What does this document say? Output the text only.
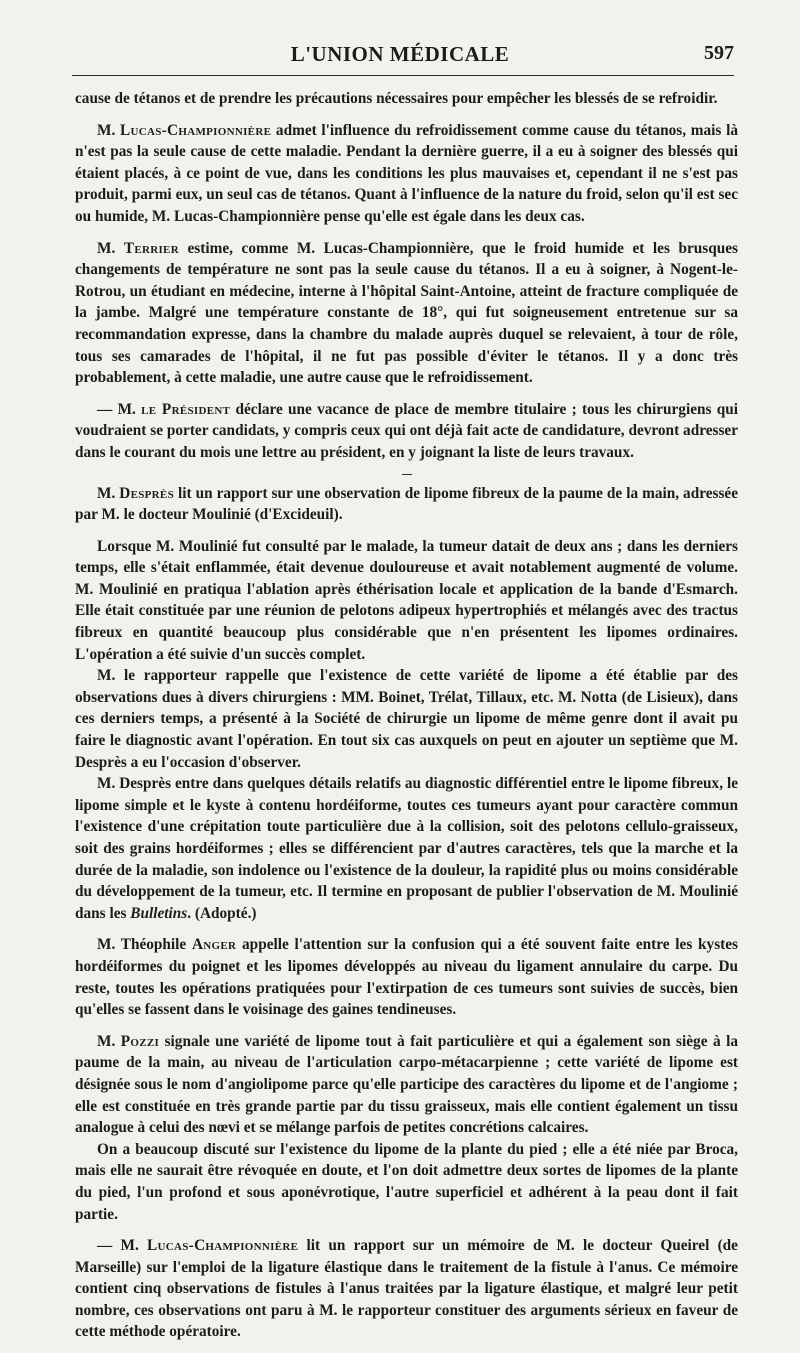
L'UNION MÉDICALE	597

cause de tétanos et de prendre les précautions nécessaires pour empêcher les blessés de se refroidir.

M. Lucas-Championnière admet l'influence du refroidissement comme cause du tétanos, mais là n'est pas la seule cause de cette maladie. Pendant la dernière guerre, il a eu à soigner des blessés qui étaient placés, à ce point de vue, dans les conditions les plus mauvaises et, cependant il ne s'est pas produit, parmi eux, un seul cas de tétanos. Quant à l'influence de la nature du froid, selon qu'il est sec ou humide, M. Lucas-Championnière pense qu'elle est égale dans les deux cas.

M. Terrier estime, comme M. Lucas-Championnière, que le froid humide et les brusques changements de température ne sont pas la seule cause du tétanos. Il a eu à soigner, à Nogent-le-Rotrou, un étudiant en médecine, interne à l'hôpital Saint-Antoine, atteint de fracture compliquée de la jambe. Malgré une température constante de 18°, qui fut soigneusement entretenue sur sa recommandation expresse, dans la chambre du malade auprès duquel se relevaient, à tour de rôle, tous ses camarades de l'hôpital, il ne fut pas possible d'éviter le tétanos. Il y a donc très probablement, à cette maladie, une autre cause que le refroidissement.

— M. le Président déclare une vacance de place de membre titulaire ; tous les chirurgiens qui voudraient se porter candidats, y compris ceux qui ont déjà fait acte de candidature, devront adresser dans le courant du mois une lettre au président, en y joignant la liste de leurs travaux.

M. Desprès lit un rapport sur une observation de lipome fibreux de la paume de la main, adressée par M. le docteur Moulinié (d'Excideuil).

Lorsque M. Moulinié fut consulté par le malade, la tumeur datait de deux ans ; dans les derniers temps, elle s'était enflammée, était devenue douloureuse et avait notablement augmenté de volume. M. Moulinié en pratiqua l'ablation après éthérisation locale et application de la bande d'Esmarch. Elle était constituée par une réunion de pelotons adipeux hypertrophiés et mélangés avec des tractus fibreux en quantité beaucoup plus considérable que n'en présentent les lipomes ordinaires. L'opération a été suivie d'un succès complet.

M. le rapporteur rappelle que l'existence de cette variété de lipome a été établie par des observations dues à divers chirurgiens : MM. Boinet, Trélat, Tillaux, etc. M. Notta (de Lisieux), dans ces derniers temps, a présenté à la Société de chirurgie un lipome de même genre dont il avait pu faire le diagnostic avant l'opération. En tout six cas auxquels on peut en ajouter un septième que M. Desprès a eu l'occasion d'observer.

M. Desprès entre dans quelques détails relatifs au diagnostic différentiel entre le lipome fibreux, le lipome simple et le kyste à contenu hordéiforme, toutes ces tumeurs ayant pour caractère commun l'existence d'une crépitation toute particulière due à la collision, soit des pelotons cellulo-graisseux, soit des grains hordéiformes ; elles se différencient par d'autres caractères, tels que la marche et la durée de la maladie, son indolence ou l'existence de la douleur, la rapidité plus ou moins considérable du développement de la tumeur, etc. Il termine en proposant de publier l'observation de M. Moulinié dans les Bulletins. (Adopté.)

M. Théophile Anger appelle l'attention sur la confusion qui a été souvent faite entre les kystes hordéiformes du poignet et les lipomes développés au niveau du ligament annulaire du carpe. Du reste, toutes les opérations pratiquées pour l'extirpation de ces tumeurs sont suivies de succès, bien qu'elles se fassent dans le voisinage des gaines tendineuses.

M. Pozzi signale une variété de lipome tout à fait particulière et qui a également son siège à la paume de la main, au niveau de l'articulation carpo-métacarpienne ; cette variété de lipome est désignée sous le nom d'angiolipome parce qu'elle participe des caractères du lipome et de l'angiome ; elle est constituée en très grande partie par du tissu graisseux, mais elle contient également un tissu analogue à celui des nœvi et se mélange parfois de petites concrétions calcaires.

On a beaucoup discuté sur l'existence du lipome de la plante du pied ; elle a été niée par Broca, mais elle ne saurait être révoquée en doute, et l'on doit admettre deux sortes de lipomes de la plante du pied, l'un profond et sous aponévrotique, l'autre superficiel et adhérent à la peau dont il fait partie.

— M. Lucas-Championnière lit un rapport sur un mémoire de M. le docteur Queirel (de Marseille) sur l'emploi de la ligature élastique dans le traitement de la fistule à l'anus. Ce mémoire contient cinq observations de fistules à l'anus traitées par la ligature élastique, et malgré leur petit nombre, ces observations ont paru à M. le rapporteur constituer des arguments sérieux en faveur de cette méthode opératoire.
